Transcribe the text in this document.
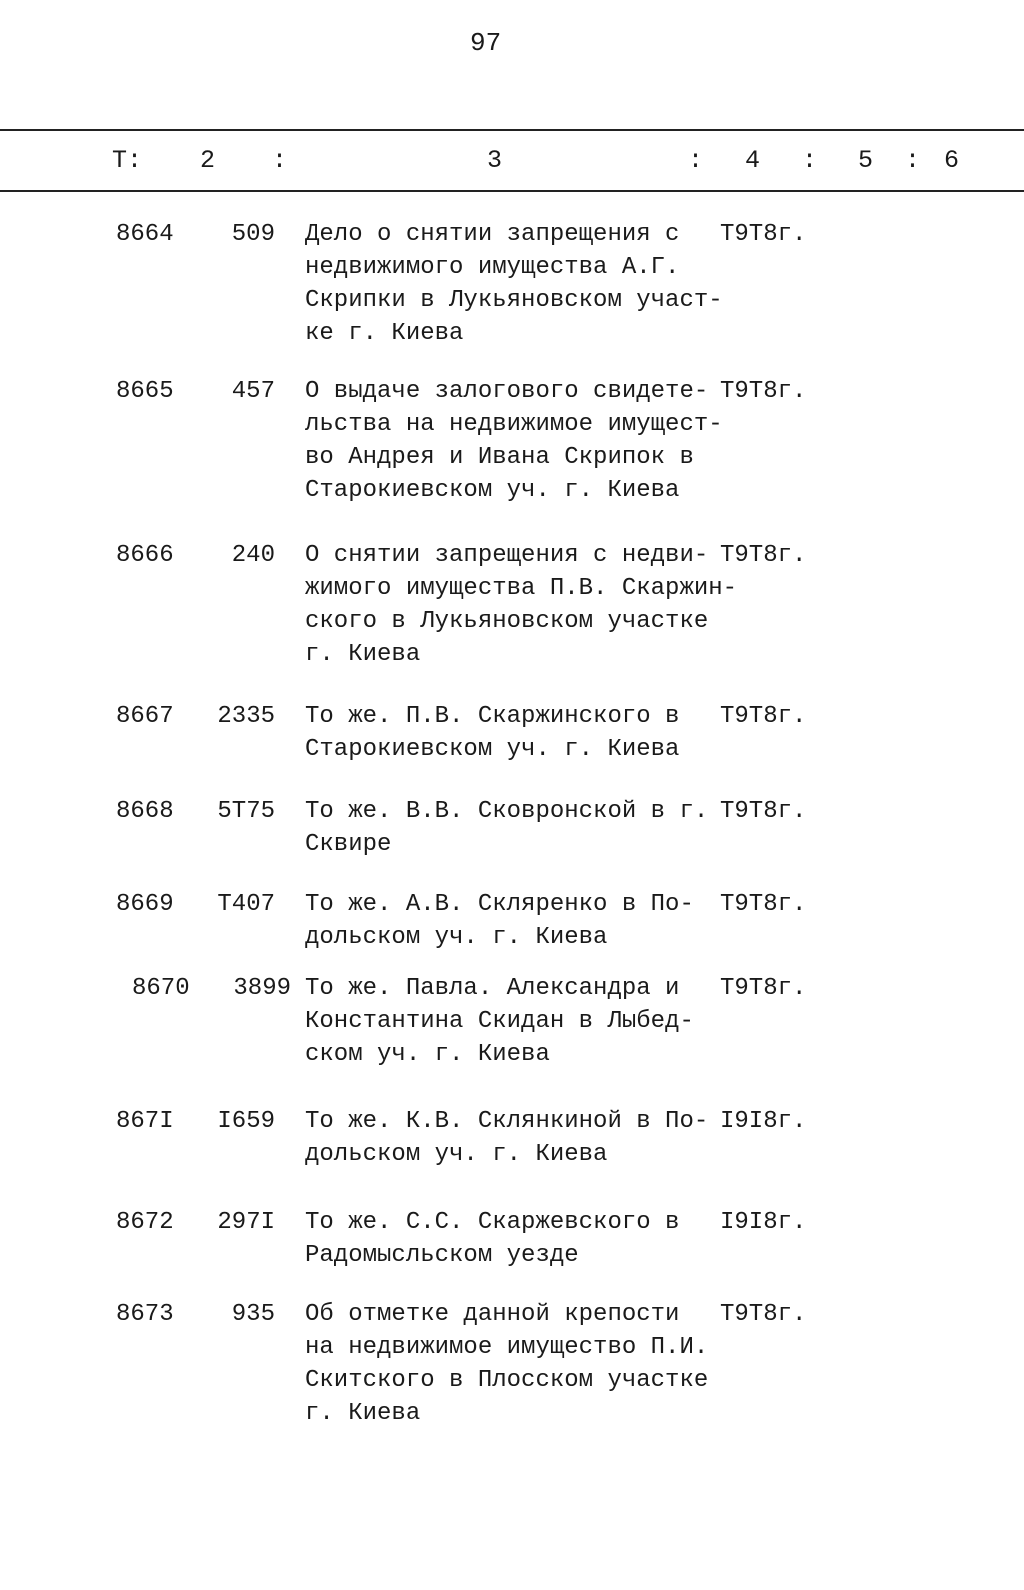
97
Т: 2 :	3	: 4 : 5 : 6
8664 509 Дело о снятии запрещения с
недвижимого имущества А.Г.
Скрипки в Лукьяновском участ-
ке г. Киева
Т9Т8г.
8665 457 О выдаче залогового свидете-
льства на недвижимое имущест-
во Андрея и Ивана Скрипок в
Старокиевском уч. г. Киева
Т9Т8г.
8666 240 О снятии запрещения с недви-
жимого имущества П.В. Скаржин-
ского в Лукьяновском участке
г. Киева
Т9Т8г.
8667 2335 То же. П.В. Скаржинского в
Старокиевском уч. г. Киева
Т9Т8г.
8668 5Т75 То же. В.В. Сковронской в г.
Сквире
Т9Т8г.
8669 Т407 То же. А.В. Скляренко в По-
дольском уч. г. Киева
Т9Т8г.
8670 3899 То же. Павла. Александра и
Константина Скидан в Лыбед-
ском уч. г. Киева
Т9Т8г.
867I I659 То же. К.В. Склянкиной в По-
дольском уч. г. Киева
I9I8г.
8672 297I То же. С.С. Скаржевского в
Радомысльском уезде
I9I8г.
8673 935 Об отметке данной крепости
на недвижимое имущество П.И.
Скитского в Плосском участке
г. Киева
Т9Т8г.
